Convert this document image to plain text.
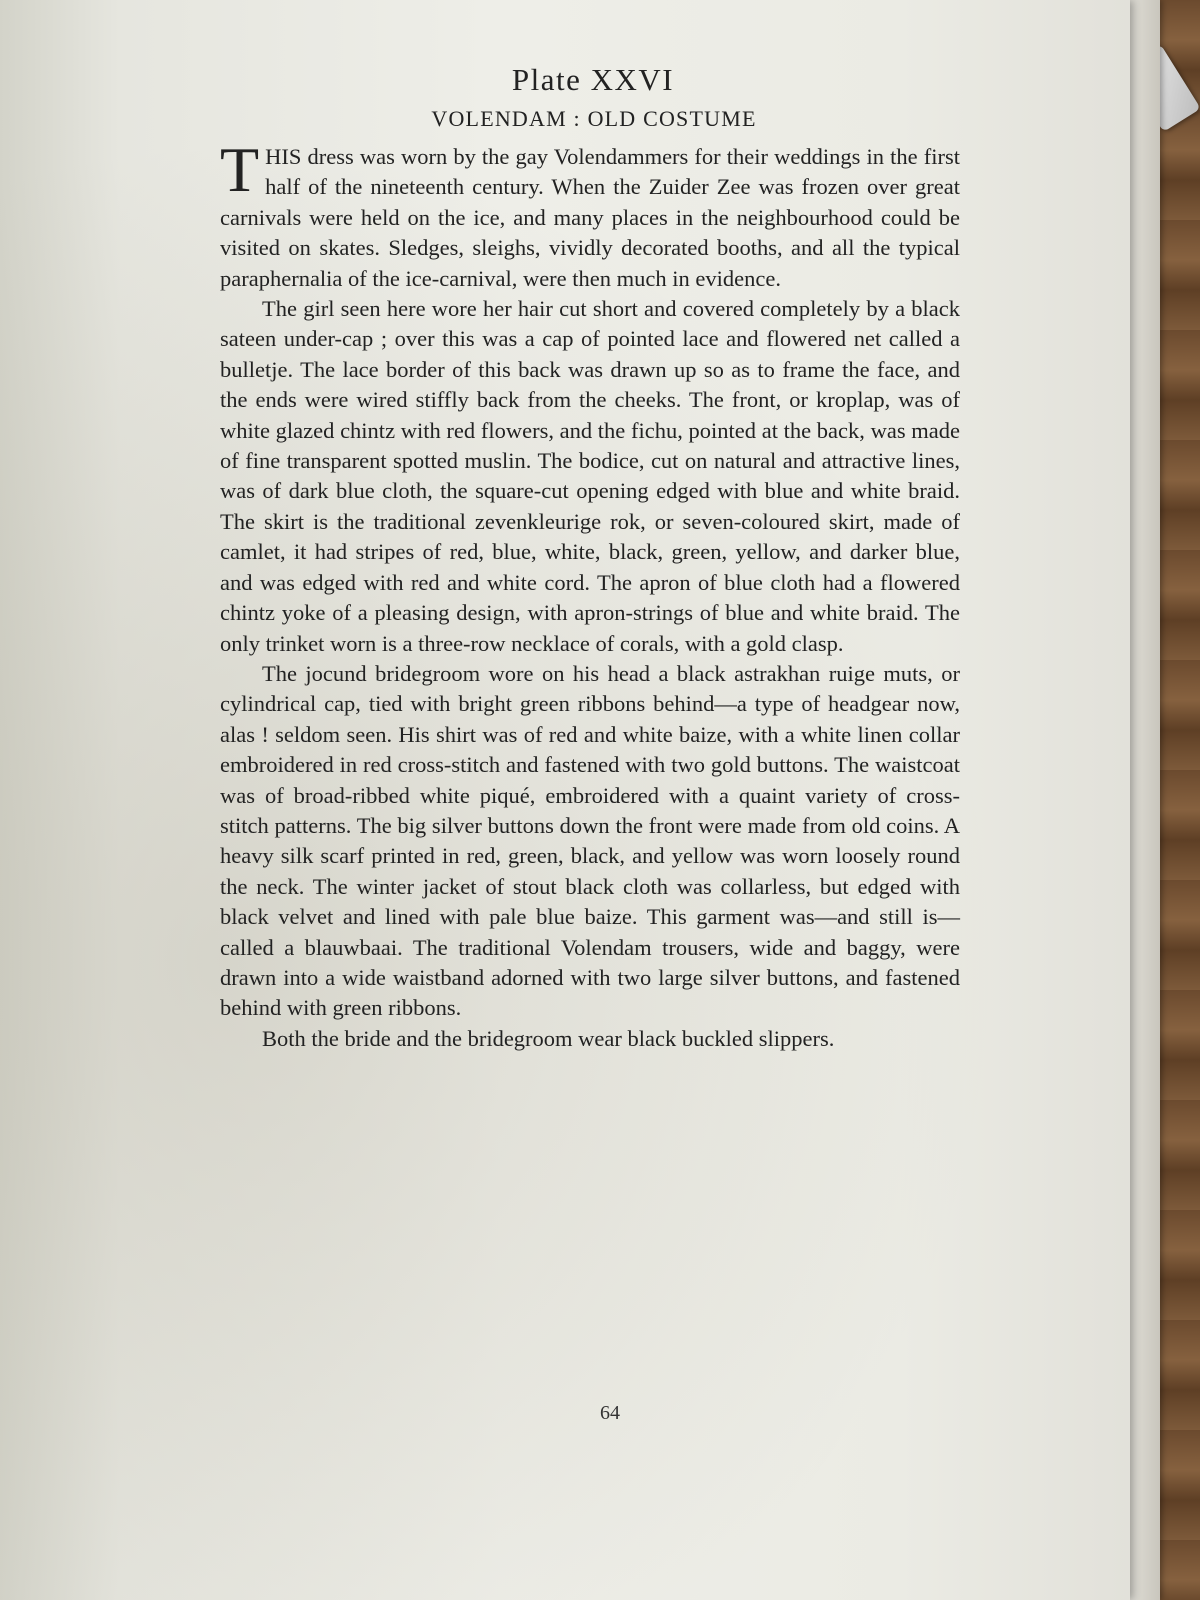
Plate XXVI
VOLENDAM : OLD COSTUME

THIS dress was worn by the gay Volendammers for their weddings in the first half of the nineteenth century. When the Zuider Zee was frozen over great carnivals were held on the ice, and many places in the neighbourhood could be visited on skates. Sledges, sleighs, vividly decorated booths, and all the typical paraphernalia of the ice-carnival, were then much in evidence.

The girl seen here wore her hair cut short and covered completely by a black sateen under-cap ; over this was a cap of pointed lace and flowered net called a bulletje. The lace border of this back was drawn up so as to frame the face, and the ends were wired stiffly back from the cheeks. The front, or kroplap, was of white glazed chintz with red flowers, and the fichu, pointed at the back, was made of fine transparent spotted muslin. The bodice, cut on natural and attractive lines, was of dark blue cloth, the square-cut opening edged with blue and white braid. The skirt is the traditional zevenkleurige rok, or seven-coloured skirt, made of camlet, it had stripes of red, blue, white, black, green, yellow, and darker blue, and was edged with red and white cord. The apron of blue cloth had a flowered chintz yoke of a pleasing design, with apron-strings of blue and white braid. The only trinket worn is a three-row necklace of corals, with a gold clasp.

The jocund bridegroom wore on his head a black astrakhan ruige muts, or cylindrical cap, tied with bright green ribbons behind—a type of headgear now, alas ! seldom seen. His shirt was of red and white baize, with a white linen collar embroidered in red cross-stitch and fastened with two gold buttons. The waistcoat was of broad-ribbed white piqué, embroidered with a quaint variety of cross-stitch patterns. The big silver buttons down the front were made from old coins. A heavy silk scarf printed in red, green, black, and yellow was worn loosely round the neck. The winter jacket of stout black cloth was collarless, but edged with black velvet and lined with pale blue baize. This garment was—and still is—called a blauwbaai. The traditional Volendam trousers, wide and baggy, were drawn into a wide waistband adorned with two large silver buttons, and fastened behind with green ribbons.

Both the bride and the bridegroom wear black buckled slippers.

64
